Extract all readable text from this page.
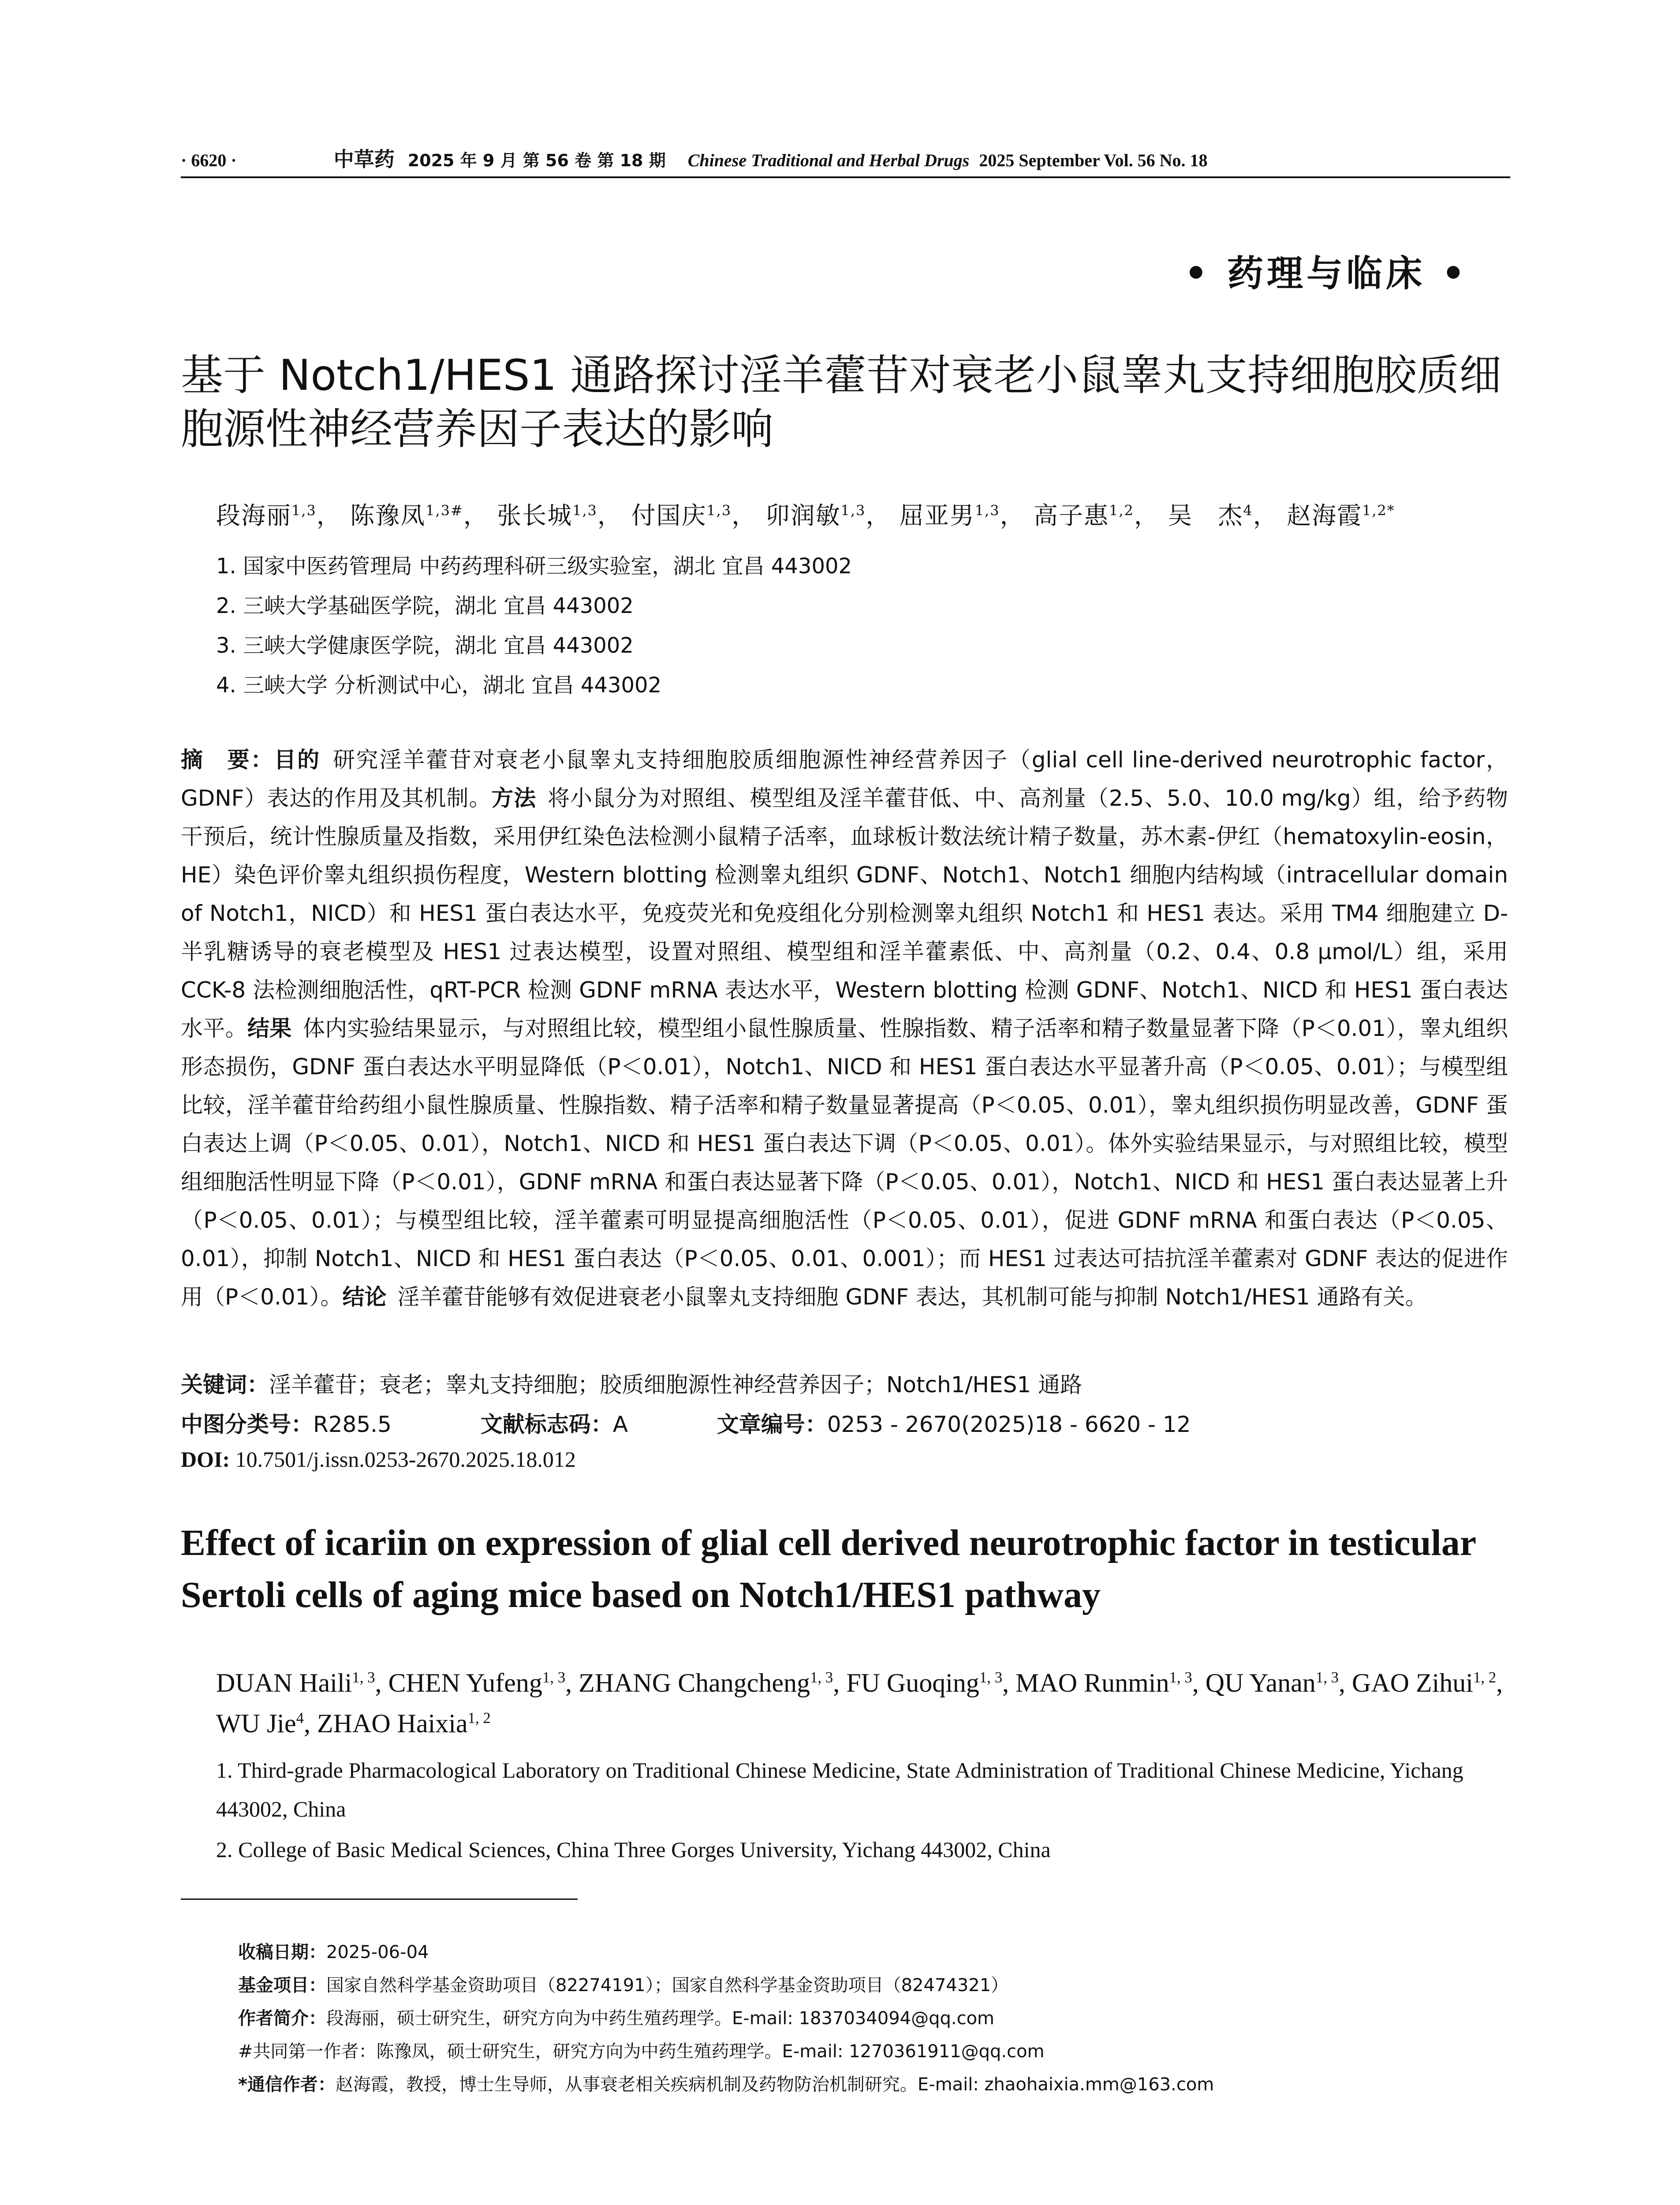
· 6620 ·	中草药 2025 年 9 月 第 56 卷 第 18 期 Chinese Traditional and Herbal Drugs 2025 September Vol. 56 No. 18
• 药理与临床 •
基于 Notch1/HES1 通路探讨淫羊藿苷对衰老小鼠睾丸支持细胞胶质细胞源性神经营养因子表达的影响
段海丽$^{1,3}$， 陈豫凤$^{1,3\#}$， 张长城$^{1,3}$， 付国庆$^{1,3}$， 卯润敏$^{1,3}$， 屈亚男$^{1,3}$， 高子惠$^{1,2}$， 吴　杰$^4$， 赵海霞$^{1,2*}$
1. 国家中医药管理局 中药药理科研三级实验室，湖北 宜昌 443002
2. 三峡大学基础医学院，湖北 宜昌 443002
3. 三峡大学健康医学院，湖北 宜昌 443002
4. 三峡大学 分析测试中心，湖北 宜昌 443002
摘　要：目的  研究淫羊藿苷对衰老小鼠睾丸支持细胞胶质细胞源性神经营养因子（glial cell line-derived neurotrophic factor，GDNF）表达的作用及其机制。方法  将小鼠分为对照组、模型组及淫羊藿苷低、中、高剂量（2.5、5.0、10.0 mg/kg）组，给予药物干预后，统计性腺质量及指数，采用伊红染色法检测小鼠精子活率，血球板计数法统计精子数量，苏木素-伊红（hematoxylin-eosin，HE）染色评价睾丸组织损伤程度，Western blotting 检测睾丸组织 GDNF、Notch1、Notch1 细胞内结构域（intracellular domain of Notch1，NICD）和 HES1 蛋白表达水平，免疫荧光和免疫组化分别检测睾丸组织 Notch1 和 HES1 表达。采用 TM4 细胞建立 D-半乳糖诱导的衰老模型及 HES1 过表达模型，设置对照组、模型组和淫羊藿素低、中、高剂量（0.2、0.4、0.8 μmol/L）组，采用 CCK-8 法检测细胞活性，qRT-PCR 检测 GDNF mRNA 表达水平，Western blotting 检测 GDNF、Notch1、NICD 和 HES1 蛋白表达水平。结果  体内实验结果显示，与对照组比较，模型组小鼠性腺质量、性腺指数、精子活率和精子数量显著下降（P＜0.01），睾丸组织形态损伤，GDNF 蛋白表达水平明显降低（P＜0.01），Notch1、NICD 和 HES1 蛋白表达水平显著升高（P＜0.05、0.01）；与模型组比较，淫羊藿苷给药组小鼠性腺质量、性腺指数、精子活率和精子数量显著提高（P＜0.05、0.01），睾丸组织损伤明显改善，GDNF 蛋白表达上调（P＜0.05、0.01），Notch1、NICD 和 HES1 蛋白表达下调（P＜0.05、0.01）。体外实验结果显示，与对照组比较，模型组细胞活性明显下降（P＜0.01），GDNF mRNA 和蛋白表达显著下降（P＜0.05、0.01），Notch1、NICD 和 HES1 蛋白表达显著上升（P＜0.05、0.01）；与模型组比较，淫羊藿素可明显提高细胞活性（P＜0.05、0.01），促进 GDNF mRNA 和蛋白表达（P＜0.05、0.01），抑制 Notch1、NICD 和 HES1 蛋白表达（P＜0.05、0.01、0.001）；而 HES1 过表达可拮抗淫羊藿素对 GDNF 表达的促进作用（P＜0.01）。结论  淫羊藿苷能够有效促进衰老小鼠睾丸支持细胞 GDNF 表达，其机制可能与抑制 Notch1/HES1 通路有关。
关键词：淫羊藿苷；衰老；睾丸支持细胞；胶质细胞源性神经营养因子；Notch1/HES1 通路
中图分类号：R285.5	文献标志码：A	文章编号：0253 - 2670(2025)18 - 6620 - 12
DOI: 10.7501/j.issn.0253-2670.2025.18.012
Effect of icariin on expression of glial cell derived neurotrophic factor in testicular Sertoli cells of aging mice based on Notch1/HES1 pathway
DUAN Haili$^{1, 3}$, CHEN Yufeng$^{1, 3}$, ZHANG Changcheng$^{1, 3}$, FU Guoqing$^{1, 3}$, MAO Runmin$^{1, 3}$, QU Yanan$^{1, 3}$, GAO Zihui$^{1, 2}$, WU Jie$^4$, ZHAO Haixia$^{1, 2}$
1. Third-grade Pharmacological Laboratory on Traditional Chinese Medicine, State Administration of Traditional Chinese Medicine, Yichang 443002, China
2. College of Basic Medical Sciences, China Three Gorges University, Yichang 443002, China
收稿日期：2025-06-04
基金项目：国家自然科学基金资助项目（82274191）；国家自然科学基金资助项目（82474321）
作者简介：段海丽，硕士研究生，研究方向为中药生殖药理学。E-mail: 1837034094@qq.com
#共同第一作者：陈豫凤，硕士研究生，研究方向为中药生殖药理学。E-mail: 1270361911@qq.com
*通信作者：赵海霞，教授，博士生导师，从事衰老相关疾病机制及药物防治机制研究。E-mail: zhaohaixia.mm@163.com
